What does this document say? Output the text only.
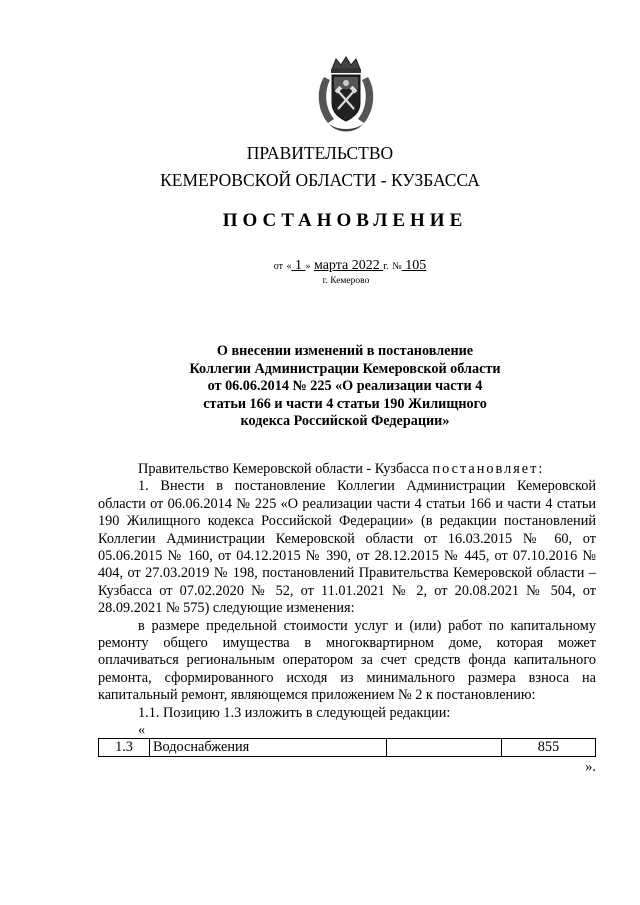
ПРАВИТЕЛЬСТВО
КЕМЕРОВСКОЙ ОБЛАСТИ - КУЗБАССА
ПОСТАНОВЛЕНИЕ
от « 1 » марта 2022 г. № 105
г. Кемерово
О внесении изменений в постановление
Коллегии Администрации Кемеровской области
от 06.06.2014 № 225 «О реализации части 4
статьи 166 и части 4 статьи 190 Жилищного
кодекса Российской Федерации»

Правительство Кемеровской области - Кузбасса постановляет:

1. Внести в постановление Коллегии Администрации Кемеровской области от 06.06.2014 № 225 «О реализации части 4 статьи 166 и части 4 статьи 190 Жилищного кодекса Российской Федерации» (в редакции постановлений Коллегии Администрации Кемеровской области от 16.03.2015 № 60, от 05.06.2015 № 160, от 04.12.2015 № 390, от 28.12.2015 № 445, от 07.10.2016 № 404, от 27.03.2019 № 198, постановлений Правительства Кемеровской области – Кузбасса от 07.02.2020 № 52, от 11.01.2021 № 2, от 20.08.2021 № 504, от 28.09.2021 № 575) следующие изменения:

в размере предельной стоимости услуг и (или) работ по капитальному ремонту общего имущества в многоквартирном доме, которая может оплачиваться региональным оператором за счет средств фонда капитального ремонта, сформированного исходя из минимального размера взноса на капитальный ремонт, являющемся приложением № 2 к постановлению:

1.1. Позицию 1.3 изложить в следующей редакции:

«

1.3	Водоснабжения		855

».
